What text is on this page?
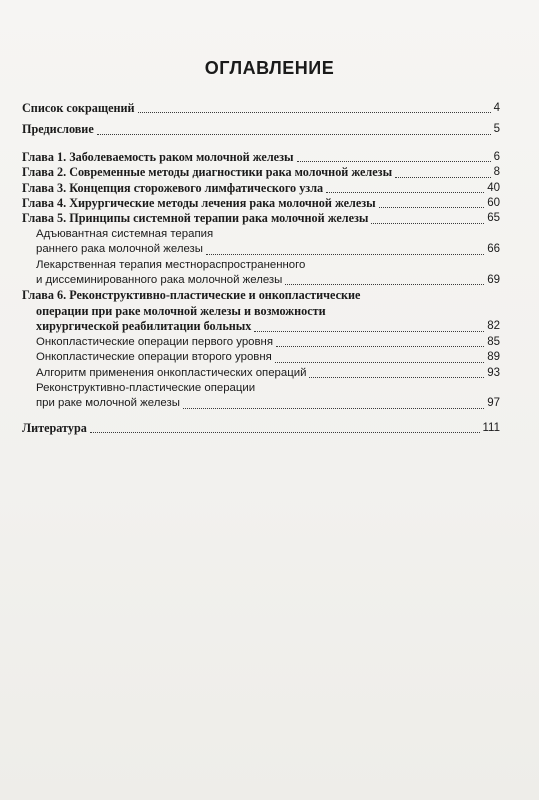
ОГЛАВЛЕНИЕ
Список сокращений	4
Предисловие	5
Глава 1. Заболеваемость раком молочной железы	6
Глава 2. Современные методы диагностики рака молочной железы	8
Глава 3. Концепция сторожевого лимфатического узла	40
Глава 4. Хирургические методы лечения рака молочной железы	60
Глава 5. Принципы системной терапии рака молочной железы	65
Адъювантная системная терапия
раннего рака молочной железы	66
Лекарственная терапия местнораспространенного
и диссеминированного рака молочной железы	69
Глава 6. Реконструктивно-пластические и онкопластические
операции при раке молочной железы и возможности
хирургической реабилитации больных	82
Онкопластические операции первого уровня	85
Онкопластические операции второго уровня	89
Алгоритм применения онкопластических операций	93
Реконструктивно-пластические операции
при раке молочной железы	97
Литература	111
